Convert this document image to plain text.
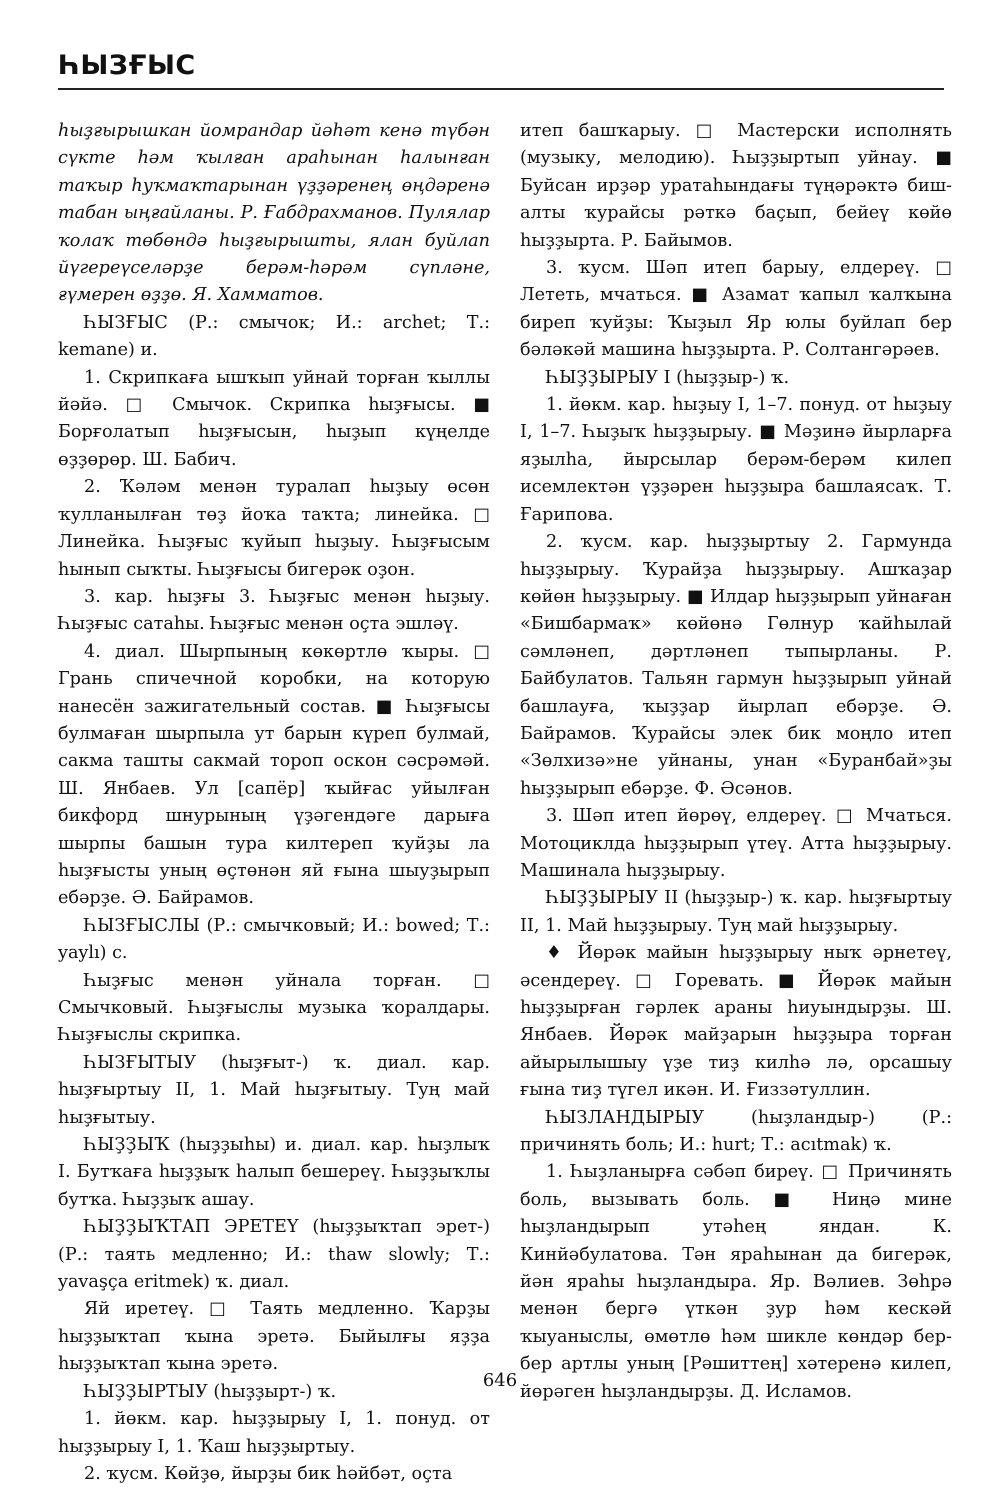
ҺЫЗҒЫС

һыҙғырышкан йомрандар йәһәт кенә түбән сүкте һәм ҡылған араһынан һалынған таҡыр һуҡмаҡтарынан үҙҙәренең өңдәренә табан ыңғайланы. Р. Ғабдрахманов. Пулялар ҡолаҡ төбөндә һыҙғырышты, ялан буйлап йүгереүселәрҙе берәм-һәрәм сүпләне, ғүмерен өҙҙө. Я. Хамматов.

ҺЫЗҒЫС (Р.: смычок; И.: archet; Т.: kemane) и.

1. Скрипкаға ышҡып уйнай торған ҡыллы йәйә. □ Смычок. Скрипка һыҙғысы. ■ Борғолатып һыҙғысын, һыҙып күңелде өҙҙөрөр. Ш. Бабич.

2. Ҡәләм менән туралап һыҙыу өсөн ҡулланылған төҙ йоҡа таҡта; линейка. □ Линейка. Һыҙғыс ҡуйып һыҙыу. Һыҙғысым һынып сыҡты. Һыҙғысы бигерәк оҙон.

3. кар. һыҙғы 3. Һыҙғыс менән һыҙыу. Һыҙғыс сатаһы. Һыҙғыс менән оҫта эшләү.

4. диал. Шырпының көкөртлө ҡыры. □ Грань спичечной коробки, на которую нанесён зажигательный состав. ■ Һыҙғысы булмаған шырпыла ут барын күреп булмай, сакма ташты сакмай тороп оскон сәсрәмәй. Ш. Янбаев. Ул [сапёр] ҡыйғас уйылған бикфорд шнурының үҙәгендәге дарыға шырпы башын тура килтереп ҡуйҙы ла һыҙғысты уның өҫтөнән яй ғына шыуҙырып ебәрҙе. Ә. Байрамов.

ҺЫЗҒЫСЛЫ (Р.: смычковый; И.: bowed; Т.: yaylı) с.

Һыҙғыс менән уйнала торған. □ Смычковый. Һыҙғыслы музыка ҡоралдары. Һыҙғыслы скрипка.

ҺЫЗҒЫТЫУ (һыҙғыт-) ҡ. диал. кар. һыҙғыртыу II, 1. Май һыҙғытыу. Туң май һыҙғытыу.

ҺЫҘҘЫҠ (һыҙҙыһы) и. диал. кар. һыҙлыҡ I. Бутҡаға һыҙҙыҡ һалып бешереү. Һыҙҙыҡлы бутҡа. Һыҙҙыҡ ашау.

ҺЫҘҘЫҠТАП ЭРЕТЕҮ (һыҙҙыҡтап эрет-) (Р.: таять медленно; И.: thaw slowly; Т.: yavaşça eritmek) ҡ. диал.

Яй иретеү. □ Таять медленно. Ҡарҙы һыҙҙыҡтап ҡына эретә. Быйылғы яҙҙа һыҙҙыҡтап ҡына эретә.

ҺЫҘҘЫРТЫУ (һыҙҙырт-) ҡ.

1. йөкм. кар. һыҙҙырыу I, 1. понуд. от һыҙҙырыу I, 1. Ҡаш һыҙҙыртыу.

2. ҡусм. Көйҙө, йырҙы бик һәйбәт, оҫта

итеп башҡарыу. □ Мастерски исполнять (музыку, мелодию). Һыҙҙыртып уйнау. ■ Буйсан ирҙәр уратаһындағы түңәрәктә биш-алты ҡурайсы рәткә баҫып, бейеү көйө һыҙҙырта. Р. Байымов.

3. ҡусм. Шәп итеп барыу, елдереү. □ Лететь, мчаться. ■ Азамат ҡапыл ҡалҡына биреп ҡуйҙы: Ҡыҙыл Яр юлы буйлап бер бәләкәй машина һыҙҙырта. Р. Солтангәрәев.

ҺЫҘҘЫРЫУ I (һыҙҙыр-) ҡ.

1. йөкм. кар. һыҙыу I, 1–7. понуд. от һыҙыу I, 1–7. Һыҙыҡ һыҙҙырыу. ■ Мәҙинә йырларға яҙылһа, йырсылар берәм-берәм килеп исемлектән үҙҙәрен һыҙҙыра башлаясаҡ. Т. Ғарипова.

2. ҡусм. кар. һыҙҙыртыу 2. Гармунда һыҙҙырыу. Ҡурайҙа һыҙҙырыу. Ашҡаҙар көйөн һыҙҙырыу. ■ Илдар һыҙҙырып уйнаған «Бишбармаҡ» көйөнә Гөлнур ҡайһылай сәмләнеп, дәртләнеп тыпырланы. Р. Байбулатов. Тальян гармун һыҙҙырып уйнай башлауға, ҡыҙҙар йырлап ебәрҙе. Ә. Байрамов. Ҡурайсы элек бик моңло итеп «Зөлхизә»не уйнаны, унан «Буранбай»ҙы һыҙҙырып ебәрҙе. Ф. Әсәнов.

3. Шәп итеп йөрөү, елдереү. □ Мчаться. Мотоциклда һыҙҙырып үтеү. Атта һыҙҙырыу. Машинала һыҙҙырыу.

ҺЫҘҘЫРЫУ II (һыҙҙыр-) ҡ. кар. һыҙғыртыу II, 1. Май һыҙҙырыу. Туң май һыҙҙырыу.

♦ Йөрәк майын һыҙҙырыу ныҡ әрнетеү, әсендереү. □ Горевать. ■ Йөрәк майын һыҙҙырған гәрлек араны һиуындырҙы. Ш. Янбаев. Йөрәк майҙарын һыҙҙыра торған айырылышыу үҙе тиҙ килһә лә, орсашыу ғына тиҙ түгел икән. И. Ғиззәтуллин.

ҺЫЗЛАНДЫРЫУ (һыҙландыр-) (Р.: причинять боль; И.: hurt; Т.: acıtmak) ҡ.

1. Һыҙланырға сәбәп биреү. □ Причинять боль, вызывать боль. ■ Ниңә мине һыҙландырып утәһең яндан. К. Кинйәбулатова. Тән яраһынан да бигерәк, йән яраһы һыҙландыра. Яр. Вәлиев. Зөһрә менән бергә үткән ҙур һәм кескәй ҡыуаныслы, өмөтлө һәм шикле көндәр бер-бер артлы уның [Рәшиттең] хәтеренә килеп, йөрәген һыҙландырҙы. Д. Исламов.

646
